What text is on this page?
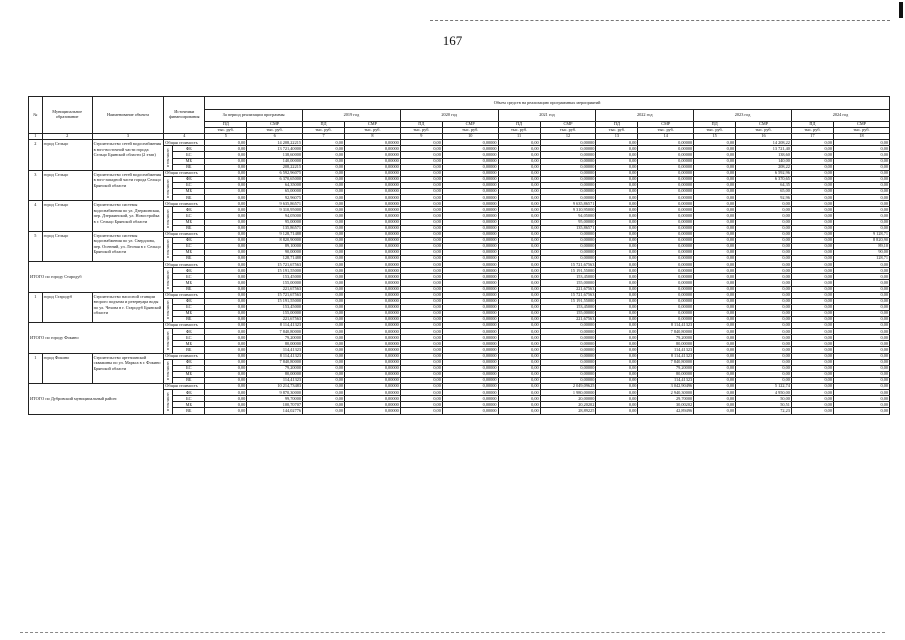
167
№	Муниципальное образование	Наименование объекта	Источники финансирования		Объем средств на реализацию программных мероприятий													
					За период реализации программы		2019 год		2020 год		2021 год		2022 год		2023 год		2024 год	
					ПД	СМР	ПД	СМР	ПД	СМР	ПД	СМР	ПД	СМР	ПД	СМР	ПД	СМР
					тыс. руб.	тыс. руб.	тыс. руб.	тыс. руб.	тыс. руб.	тыс. руб.	тыс. руб.	тыс. руб.	тыс. руб.	тыс. руб.	тыс. руб.	тыс. руб.	тыс. руб.	тыс. руб.
1	2	3	4		5	6	7	8	9	10	11	12	13	14	15	16	17	18
2	город Сельцо	Строительство сетей водоснабжения в юго-восточной части города Сельцо Брянской области (2 этап)	Общая стоимость		0,00	14 208,22215	0,00	0,00000	0,00	0,00000	0,00	0,00000	0,00	0,00000	0,00	14 208,22	0,00	0,00
			в том числе:	ФБ	0,00	13 721,40000	0,00	0,00000	0,00	0,00000	0,00	0,00000	0,00	0,00000	0,00	13 721,40	0,00	0,00
				БС	0,00	138,60000	0,00	0,00000	0,00	0,00000	0,00	0,00000	0,00	0,00000	0,00	138,60	0,00	0,00
				МБ	0,00	140,00000	0,00	0,00000	0,00	0,00000	0,00	0,00000	0,00	0,00000	0,00	140,00	0,00	0,00
				ВБ	0,00	208,22215	0,00	0,00000	0,00	0,00000	0,00	0,00000	0,00	0,00000	0,00	208,22	0,00	0,00
3	город Сельцо	Строительство сетей водоснабжения в юго-западной части города Сельцо Брянской области	Общая стоимость		0,00	6 592,96075	0,00	0,00000	0,00	0,00000	0,00	0,00000	0,00	0,00000	0,00	6 592,96	0,00	0,00
			в том числе:	ФБ	0,00	6 370,65000	0,00	0,00000	0,00	0,00000	0,00	0,00000	0,00	0,00000	0,00	6 370,65	0,00	0,00
				БС	0,00	64,35000	0,00	0,00000	0,00	0,00000	0,00	0,00000	0,00	0,00000	0,00	64,35	0,00	0,00
				МБ	0,00	65,00000	0,00	0,00000	0,00	0,00000	0,00	0,00000	0,00	0,00000	0,00	65,00	0,00	0,00
				ВБ	0,00	92,96075	0,00	0,00000	0,00	0,00000	0,00	0,00000	0,00	0,00000	0,00	92,96	0,00	0,00
4	город Сельцо	Строительство системы водоснабжения по ул. Дзержинская, пер. Дзержинский, ул. Новостройка в г. Сельцо Брянской области	Общая стоимость		0,00	9 635,86571	0,00	0,00000	0,00	0,00000	0,00	9 635,86571	0,00	0,00000	0,00	0,00	0,00	0,00
			в том числе:	ФБ	0,00	9 310,95000	0,00	0,00000	0,00	0,00000	0,00	9 310,95000	0,00	0,00000	0,00	0,00	0,00	0,00
				БС	0,00	94,05000	0,00	0,00000	0,00	0,00000	0,00	94,05000	0,00	0,00000	0,00	0,00	0,00	0,00
				МБ	0,00	95,00000	0,00	0,00000	0,00	0,00000	0,00	95,00000	0,00	0,00000	0,00	0,00	0,00	0,00
				ВБ	0,00	135,86571	0,00	0,00000	0,00	0,00000	0,00	135,86571	0,00	0,00000	0,00	0,00	0,00	0,00
5	город Сельцо	Строительство системы водоснабжения по ул. Свердлова, пер. Осенний, ул. Лесная в г. Сельцо Брянской области	Общая стоимость		0,00	9 128,71488	0,00	0,00000	0,00	0,00000	0,00	0,00000	0,00	0,00000	0,00	0,00	0,00	9 128,71
			в том числе:	ФБ	0,00	8 820,90000	0,00	0,00000	0,00	0,00000	0,00	0,00000	0,00	0,00000	0,00	0,00	0,00	8 820,90
				БС	0,00	89,10000	0,00	0,00000	0,00	0,00000	0,00	0,00000	0,00	0,00000	0,00	0,00	0,00	89,10
				МБ	0,00	90,00000	0,00	0,00000	0,00	0,00000	0,00	0,00000	0,00	0,00000	0,00	0,00	0,00	90,00
				ВБ	0,00	128,71488	0,00	0,00000	0,00	0,00000	0,00	0,00000	0,00	0,00000	0,00	0,00	0,00	128,71
ИТОГО по городу Стародуб			Общая стоимость		0,00	15 721,67563	0,00	0,00000	0,00	0,00000	0,00	15 721,67563	0,00	0,00000	0,00	0,00	0,00	0,00
			в том числе:	ФБ	0,00	15 191,55000	0,00	0,00000	0,00	0,00000	0,00	15 191,55000	0,00	0,00000	0,00	0,00	0,00	0,00
				БС	0,00	153,45000	0,00	0,00000	0,00	0,00000	0,00	153,45000	0,00	0,00000	0,00	0,00	0,00	0,00
				МБ	0,00	155,00000	0,00	0,00000	0,00	0,00000	0,00	155,00000	0,00	0,00000	0,00	0,00	0,00	0,00
				ВБ	0,00	221,67563	0,00	0,00000	0,00	0,00000	0,00	221,67563	0,00	0,00000	0,00	0,00	0,00	0,00
1	город Стародуб	Строительство насосной станции второго подъема и резервуара воды по ул. Чехова в г. Стародуб Брянской области	Общая стоимость		0,00	15 721,67563	0,00	0,00000	0,00	0,00000	0,00	15 721,67563	0,00	0,00000	0,00	0,00	0,00	0,00
			в том числе:	ФБ	0,00	15 191,55000	0,00	0,00000	0,00	0,00000	0,00	15 191,55000	0,00	0,00000	0,00	0,00	0,00	0,00
				БС	0,00	153,45000	0,00	0,00000	0,00	0,00000	0,00	153,45000	0,00	0,00000	0,00	0,00	0,00	0,00
				МБ	0,00	155,00000	0,00	0,00000	0,00	0,00000	0,00	155,00000	0,00	0,00000	0,00	0,00	0,00	0,00
				ВБ	0,00	221,67563	0,00	0,00000	0,00	0,00000	0,00	221,67563	0,00	0,00000	0,00	0,00	0,00	0,00
ИТОГО по городу Фокино			Общая стоимость		0,00	8 114,41323	0,00	0,00000	0,00	0,00000	0,00	0,00000	0,00	8 114,41323	0,00	0,00	0,00	0,00
			в том числе:	ФБ	0,00	7 840,80000	0,00	0,00000	0,00	0,00000	0,00	0,00000	0,00	7 840,80000	0,00	0,00	0,00	0,00
				БС	0,00	79,20000	0,00	0,00000	0,00	0,00000	0,00	0,00000	0,00	79,20000	0,00	0,00	0,00	0,00
				МБ	0,00	80,00000	0,00	0,00000	0,00	0,00000	0,00	0,00000	0,00	80,00000	0,00	0,00	0,00	0,00
				ВБ	0,00	114,41323	0,00	0,00000	0,00	0,00000	0,00	0,00000	0,00	114,41323	0,00	0,00	0,00	0,00
1	город Фокино	Строительство артезианской скважины по ул. Маркса в г. Фокино Брянской области	Общая стоимость		0,00	8 114,41323	0,00	0,00000	0,00	0,00000	0,00	0,00000	0,00	8 114,41323	0,00	0,00	0,00	0,00
			в том числе:	ФБ	0,00	7 840,80000	0,00	0,00000	0,00	0,00000	0,00	0,00000	0,00	7 840,80000	0,00	0,00	0,00	0,00
				БС	0,00	79,20000	0,00	0,00000	0,00	0,00000	0,00	0,00000	0,00	79,20000	0,00	0,00	0,00	0,00
				МБ	0,00	80,00000	0,00	0,00000	0,00	0,00000	0,00	0,00000	0,00	80,00000	0,00	0,00	0,00	0,00
				ВБ	0,00	114,41323	0,00	0,00000	0,00	0,00000	0,00	0,00000	0,00	114,41323	0,00	0,00	0,00	0,00
ИТОГО по Дубровский муниципальный район:			Общая стоимость		0,00	10 214,73483	0,00	0,00000	0,00	0,00000	0,00	2 049,09625	0,00	3 042,90496	0,00	5 122,74	0,00	0,00
			в том числе:	ФБ	0,00	9 870,30000	0,00	0,00000	0,00	0,00000	0,00	1 980,00000	0,00	2 940,30000	0,00	4 950,00	0,00	0,00
				БС	0,00	99,70000	0,00	0,00000	0,00	0,00000	0,00	20,00000	0,00	29,70000	0,00	50,00	0,00	0,00
				МБ	0,00	100,70707	0,00	0,00000	0,00	0,00000	0,00	20,20202	0,00	30,00202	0,00	50,51	0,00	0,00
				ВБ	0,00	144,02776	0,00	0,00000	0,00	0,00000	0,00	28,89225	0,00	42,89496	0,00	72,23	0,00	0,00
